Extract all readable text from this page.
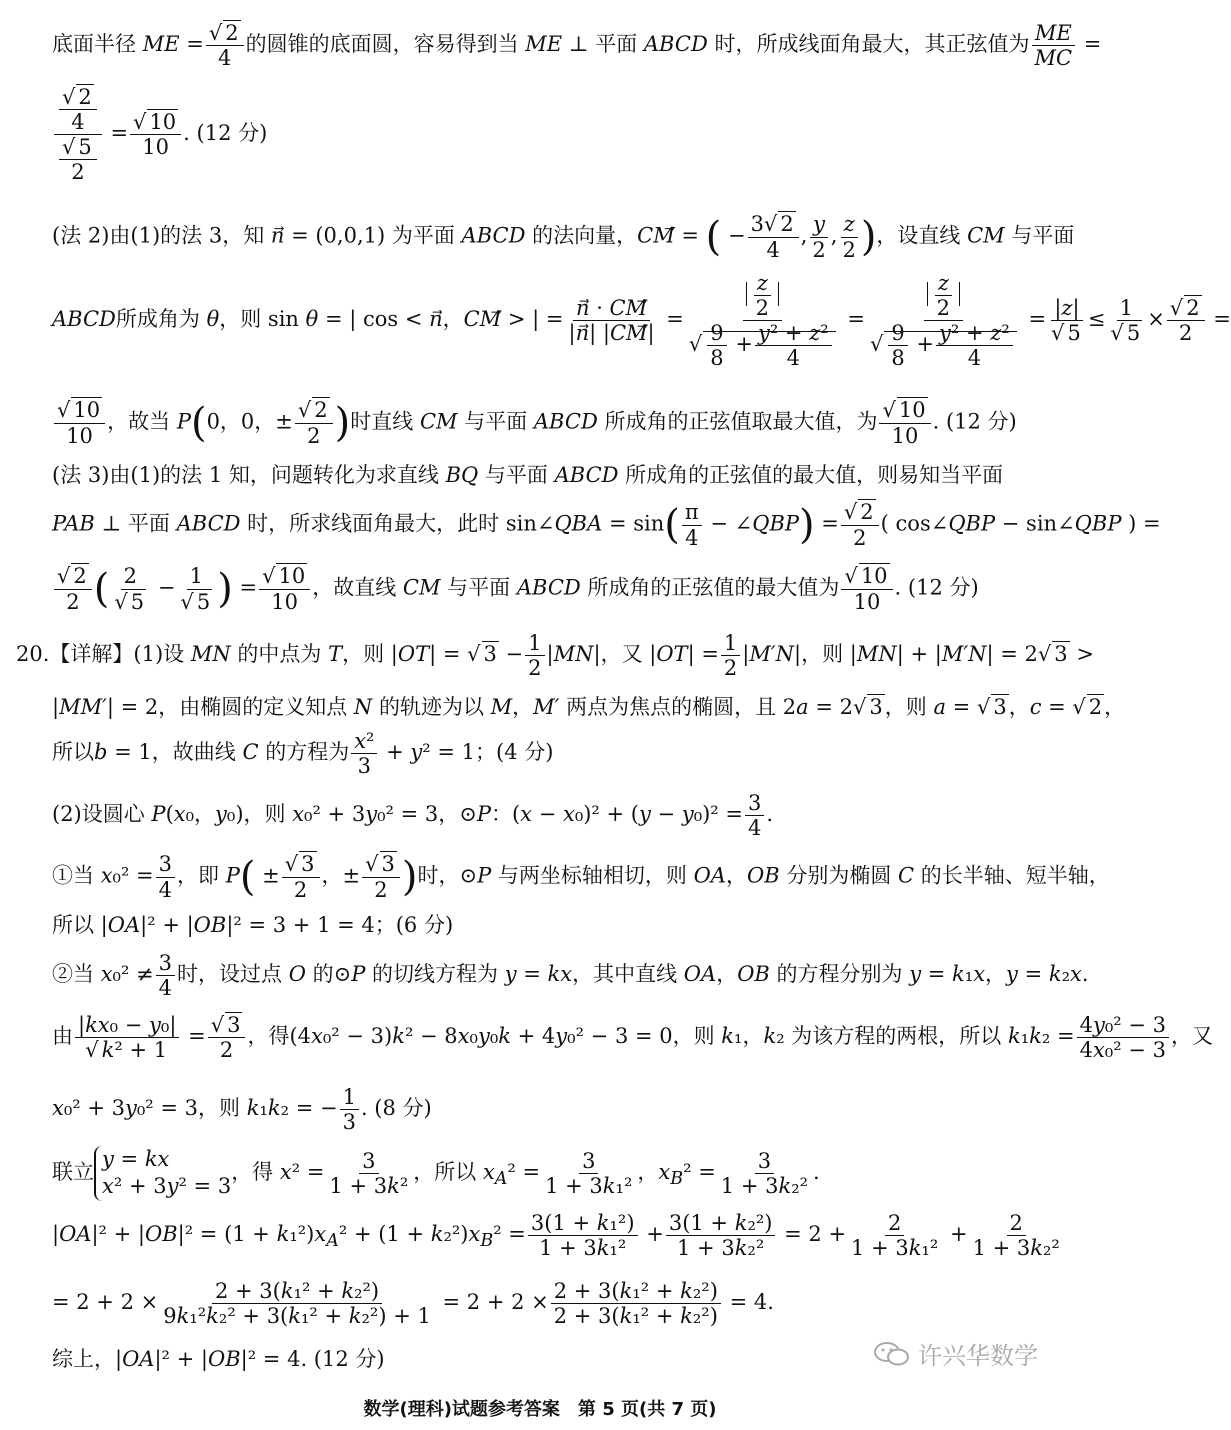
底面半径 ME = $\frac{√ 2}{4}$ 的圆锥的底面圆，容易得到当 ME ⊥ 平面 ABCD 时，所成线面角最大，其正弦值为 $\frac{ME}{MC}$ =
$\frac{\frac{√ 2}{4}}{\frac{√ 5}{2}} = \frac{√ 10}{10}$ . (12 分)
(法 2)由(1)的法 3，知 n⃗ = (0,0,1) 为平面 ABCD 的法向量，CM⃗ = ( − $\frac{3√ 2}{4}$ , $\frac{y}{2}$ , $\frac{z}{2}$ )，设直线 CM 与平面
ABCD所成角为 θ，则 sin θ = | cos < n⃗，CM⃗ > | = $\frac{n⃗ \cdot CM}{|n⃗| |CM⃗|} = \frac{\frac{z}{2}}{√ \frac{9}{8} + \frac{\text{y² + z²}}{4}} = \frac{\frac{z}{2}}{√ \frac{9}{8} + \frac{\text{y² + z²}}{4}} = \frac{|z|}{√ 5} \le \frac{1}{√ 5} \times \frac{√ 2}{2}$ =
$\frac{√ 10}{10}$ ，故当 P(0，0，± $\frac{√ 2}{2}$ )时直线 CM 与平面 ABCD 所成角的正弦值取最大值，为 $\frac{√ 10}{10}$ . (12 分)
(法 3)由(1)的法 1 知，问题转化为求直线 BQ 与平面 ABCD 所成角的正弦值的最大值，则易知当平面
PAB ⊥ 平面 ABCD 时，所求线面角最大，此时 sin∠QBA = $\sin( \frac{\pi}{4}$ − ∠QBP) = $\frac{√ 2}{2}$ ( cos∠QBP − sin∠QBP ) =
$\frac{√ 2}{2}$ ( $\frac{2}{√ 5} - \frac{1}{√ 5}$ ) = $\frac{√ 10}{10}$ ，故直线 CM 与平面 ABCD 所成角的正弦值的最大值为 $\frac{√ 10}{10}$ . (12 分)
20.【详解】(1)设 MN 的中点为 T，则 |OT| = √ $3 - \frac{1}{2} |MN|$，又 $|OT| = \frac{1}{2} |M'N|$，则 |MN| + |M′N| = 2√ 3 >
|MM′| = 2，由椭圆的定义知点 N 的轨迹为以 M，M′ 两点为焦点的椭圆，且 2a = 2√ 3，则 a = √ 3，c = √ 2，
所以b = 1，故曲线 C 的方程为 $\frac{\text{x²}}{3} + y^2 = 1$；(4 分)
(2)设圆心 P(x₀，y₀)，则 x₀² + 3y₀² = 3，⊙P：$(x - x_0)^2 + (y - y_0)^2 = \frac{3}{4}$ .
①当 $x_0^2 = \frac{3}{4}$ ，即 $P( \pm \frac{√ 3}{2}$ ，± $\frac{√ 3}{2}$ )时，⊙P 与两坐标轴相切，则 OA，OB 分别为椭圆 C 的长半轴、短半轴，
所以 |OA|² + |OB|² = 3 + 1 = 4；(6 分)
②当 $x_0^2 \ne \frac{3}{4}$ 时，设过点 O 的⊙P 的切线方程为 y = kx，其中直线 OA，OB 的方程分别为 y = k₁x，y = k₂x.
由 $\frac{\text{|kx₀ − y₀|}}{\text{√ k² + 1}} = \frac{√ 3}{2}$ ，得(4x₀² − 3)k² − 8x₀y₀k + 4y₀² − 3 = 0，则 k₁，k₂ 为该方程的两根，所以 $k_1k_2 = \frac{\text{4y₀² − 3}}{\text{4x₀² − 3}}$ ，又
x₀² + 3y₀² = 3，则 k₁k₂ = − $\frac{1}{3}$ . (8 分)
联立
y = kx
x² + 3y² = 3
，得 $x^2 = \frac{3}{\text{1 + 3k²}}$ ，所以 $x_A^2 = \frac{3}{\text{1 + 3k₁²}}$ ，$x_B^2 = \frac{3}{\text{1 + 3k₂²}}$ .
$|OA|^2 + |OB|^2 = (1 + k_1^2)x_A^2 + (1 + k_2^2)x_B^2 = \frac{\text{3(1 + k₁²)}}{\text{1 + 3k₁²}} + \frac{\text{3(1 + k₂²)}}{\text{1 + 3k₂²}} = 2 + \frac{2}{\text{1 + 3k₁²}} + \frac{2}{\text{1 + 3k₂²}}$
= $2 + 2 \times \frac{\text{2 + 3(k₁² + k₂²)}}{\text{9k₁²k₂² + 3(k₁² + k₂²) + 1}} = 2 + 2 \times \frac{\text{2 + 3(k₁² + k₂²)}}{\text{2 + 3(k₁² + k₂²)}} = 4$.
综上，|OA|² + |OB|² = 4. (12 分)	许兴华数学
数学(理科)试题参考答案　第 5 页(共 7 页)
